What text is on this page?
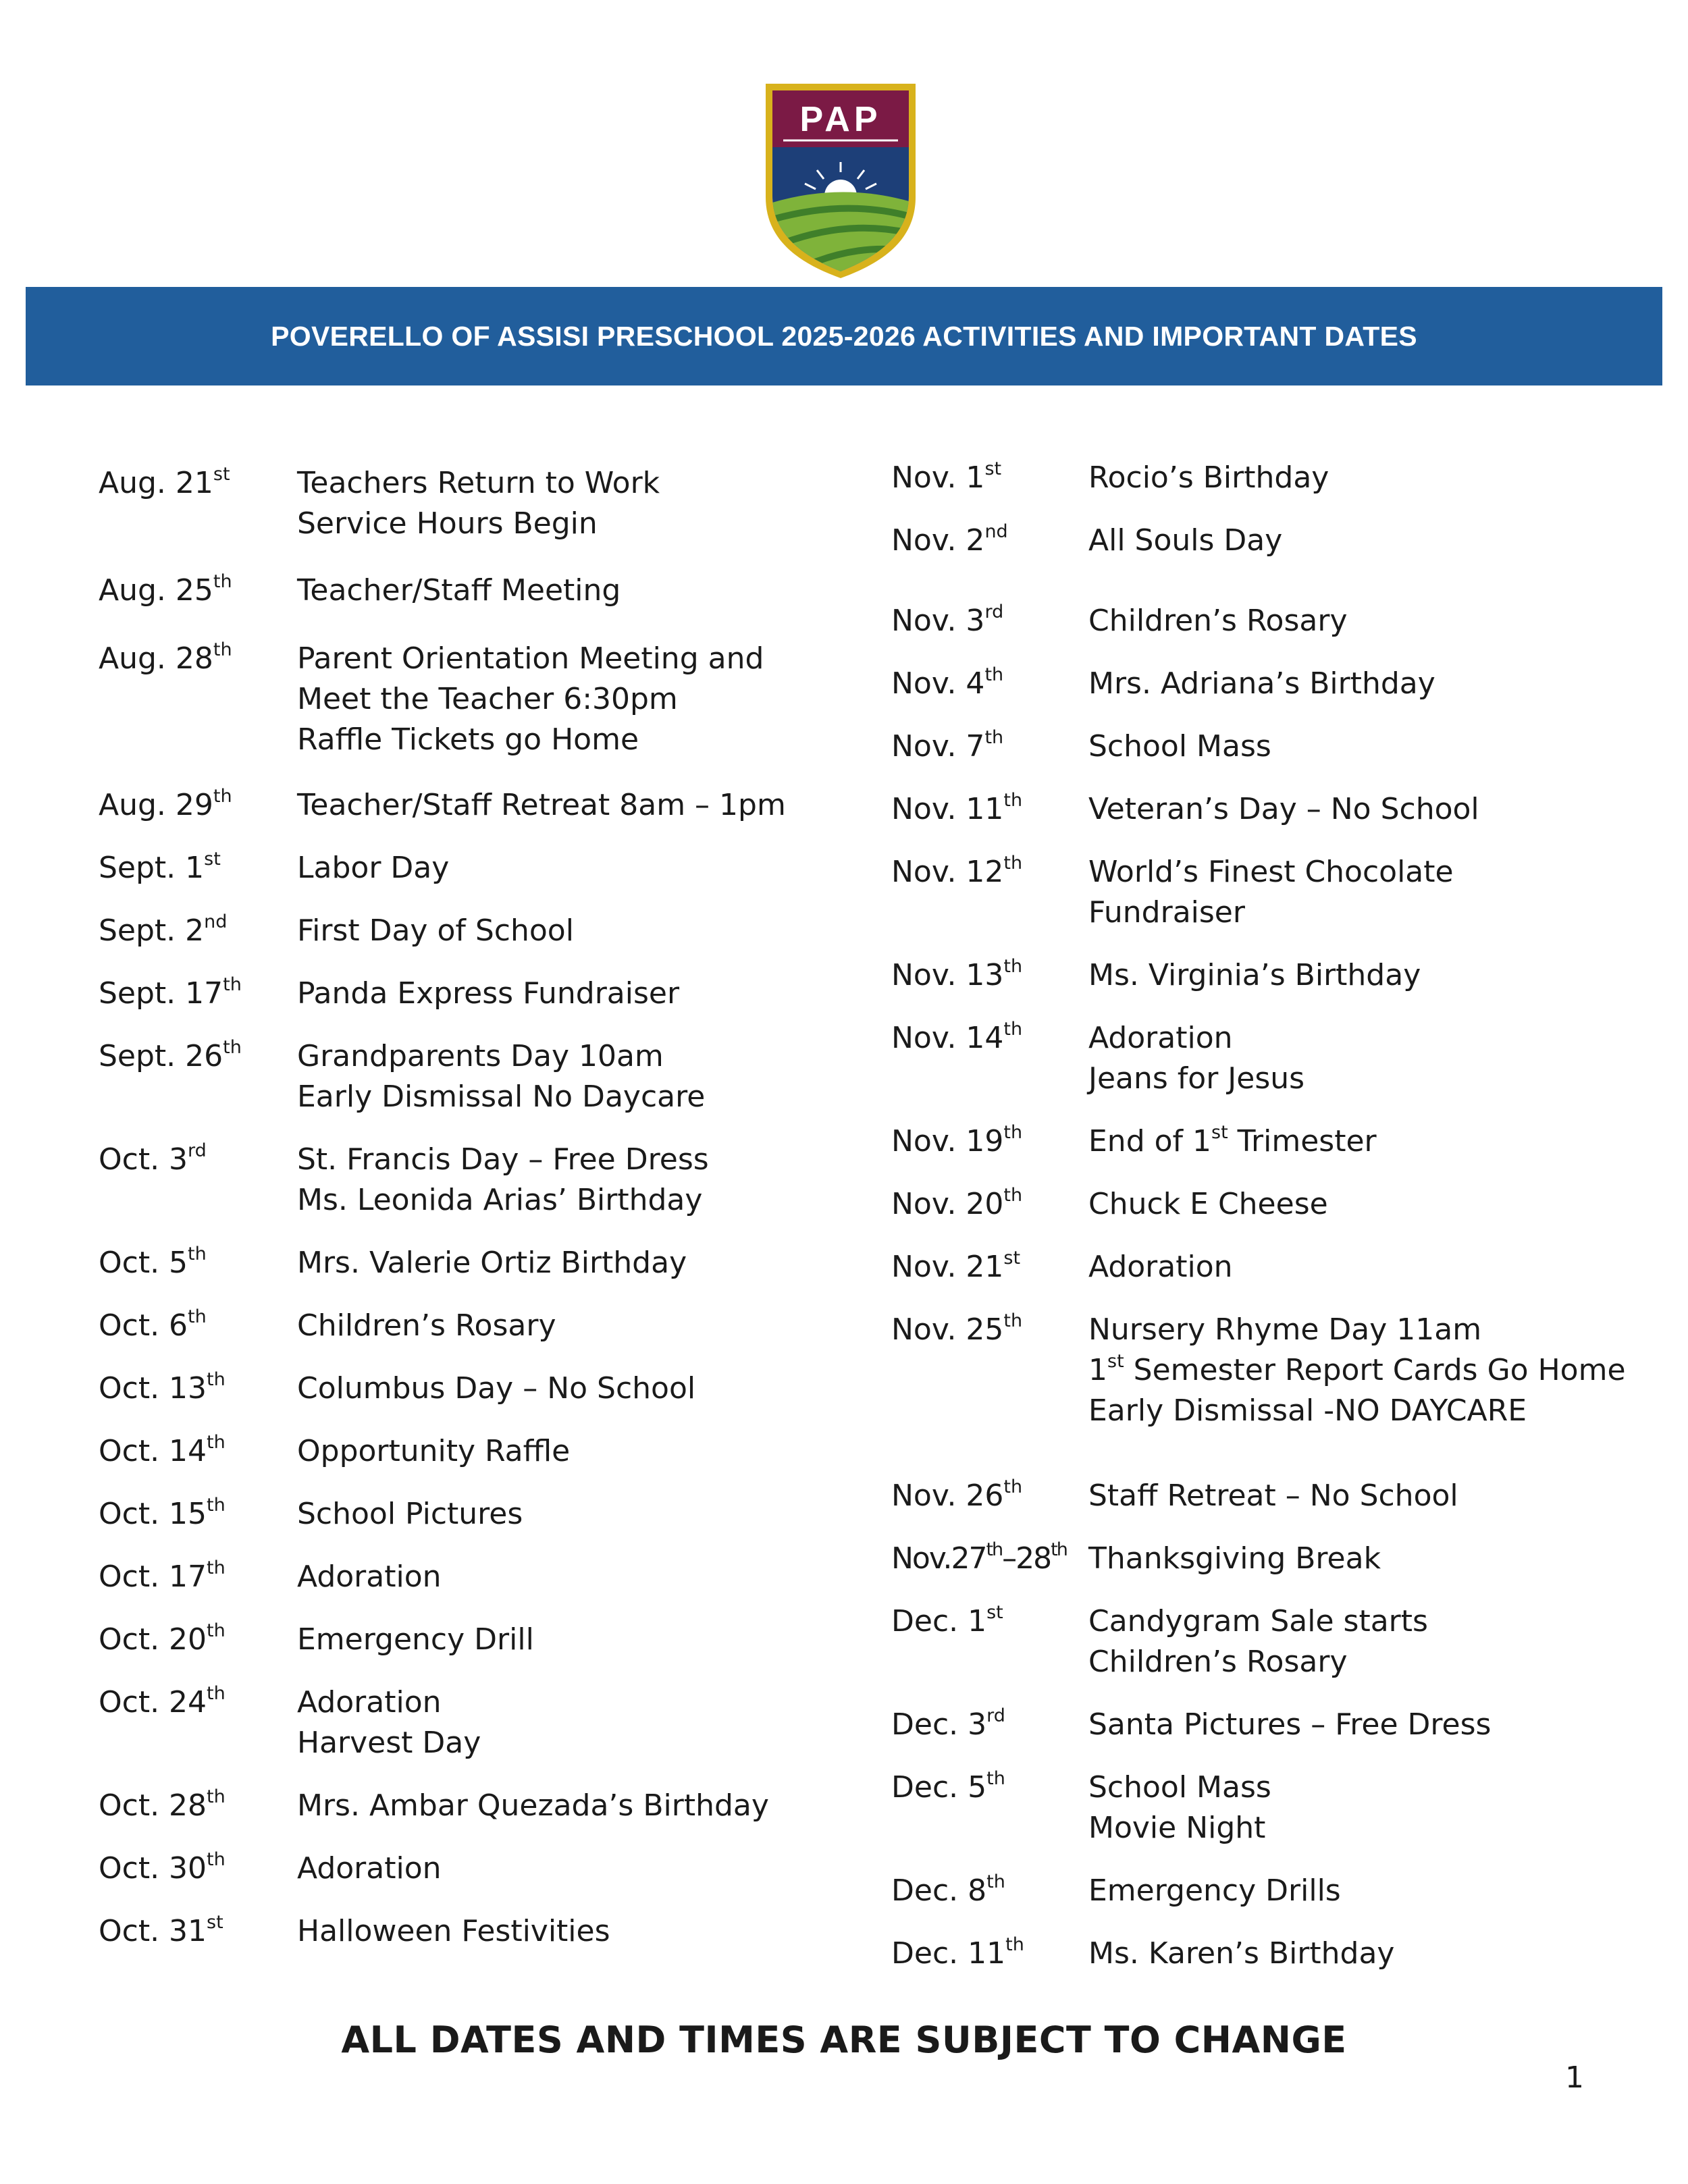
PAP
POVERELLO OF ASSISI PRESCHOOL 2025-2026 ACTIVITIES AND IMPORTANT DATES
Aug. 21st Teachers Return to Work
Service Hours Begin
Aug. 25th Teacher/Staff Meeting
Aug. 28th Parent Orientation Meeting and
Meet the Teacher 6:30pm
Raffle Tickets go Home
Aug. 29th Teacher/Staff Retreat 8am – 1pm
Sept. 1st	Labor Day
Sept. 2nd First Day of School
Sept. 17th Panda Express Fundraiser
Sept. 26th Grandparents Day 10am
Early Dismissal No Daycare
Oct. 3rd	St. Francis Day – Free Dress
Ms. Leonida Arias’ Birthday
Oct. 5th	Mrs. Valerie Ortiz Birthday
Oct. 6th	Children’s Rosary
Oct. 13th Columbus Day – No School
Oct. 14th Opportunity Raffle
Oct. 15th School Pictures
Oct. 17th Adoration
Oct. 20th Emergency Drill
Oct. 24th Adoration
Harvest Day
Oct. 28th Mrs. Ambar Quezada’s Birthday
Oct. 30th Adoration
Oct. 31st Halloween Festivities
Nov. 1st	Rocio’s Birthday
Nov. 2nd	All Souls Day
Nov. 3rd	Children’s Rosary
Nov. 4th	Mrs. Adriana’s Birthday
Nov. 7th	School Mass
Nov. 11th Veteran’s Day – No School
Nov. 12th World’s Finest Chocolate
Fundraiser
Nov. 13th Ms. Virginia’s Birthday
Nov. 14th Adoration
Jeans for Jesus
Nov. 19th End of 1st Trimester
Nov. 20th Chuck E Cheese
Nov. 21st Adoration
Nov. 25th Nursery Rhyme Day 11am
1st Semester Report Cards Go Home
Early Dismissal -NO DAYCARE
Nov. 26th Staff Retreat – No School
Nov.27th–28th Thanksgiving Break
Dec. 1st	Candygram Sale starts
Children’s Rosary
Dec. 3rd	Santa Pictures – Free Dress
Dec. 5th	School Mass
Movie Night
Dec. 8th	Emergency Drills
Dec. 11th Ms. Karen’s Birthday
ALL DATES AND TIMES ARE SUBJECT TO CHANGE
1
